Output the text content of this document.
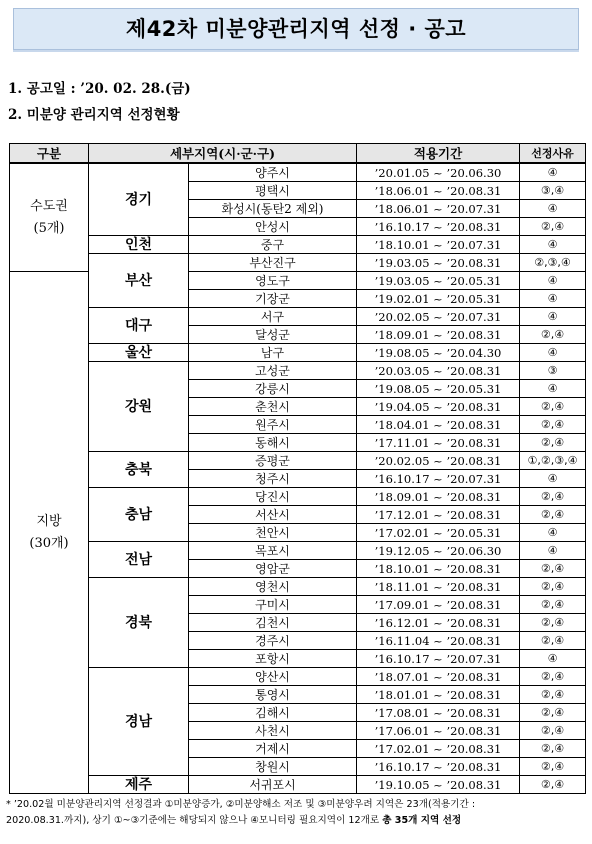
제42차 미분양관리지역 선정 · 공고
1. 공고일 : ’20. 02. 28.(금)
2. 미분양 관리지역 선정현황
구분	세부지역(시·군·구)		적용기간	선정사유
수도권
(5개)	경기	양주시	’20.01.05 ~ ’20.06.30	④
		평택시	’18.06.01 ~ ’20.08.31	③,④
		화성시(동탄2 제외)	’18.06.01 ~ ’20.07.31	④
		안성시	’16.10.17 ~ ’20.08.31	②,④
	인천	중구	’18.10.01 ~ ’20.07.31	④
	부산	부산진구	’19.03.05 ~ ’20.08.31	②,③,④
지방
(30개)		영도구	’19.03.05 ~ ’20.05.31	④
		기장군	’19.02.01 ~ ’20.05.31	④
	대구	서구	’20.02.05 ~ ’20.07.31	④
		달성군	’18.09.01 ~ ’20.08.31	②,④
	울산	남구	’19.08.05 ~ ’20.04.30	④
	강원	고성군	’20.03.05 ~ ’20.08.31	③
		강릉시	’19.08.05 ~ ’20.05.31	④
		춘천시	’19.04.05 ~ ’20.08.31	②,④
		원주시	’18.04.01 ~ ’20.08.31	②,④
		동해시	’17.11.01 ~ ’20.08.31	②,④
	충북	증평군	’20.02.05 ~ ’20.08.31	①,②,③,④
		청주시	’16.10.17 ~ ’20.07.31	④
	충남	당진시	’18.09.01 ~ ’20.08.31	②,④
		서산시	’17.12.01 ~ ’20.08.31	②,④
		천안시	’17.02.01 ~ ’20.05.31	④
	전남	목포시	’19.12.05 ~ ’20.06.30	④
		영암군	’18.10.01 ~ ’20.08.31	②,④
	경북	영천시	’18.11.01 ~ ’20.08.31	②,④
		구미시	’17.09.01 ~ ’20.08.31	②,④
		김천시	’16.12.01 ~ ’20.08.31	②,④
		경주시	’16.11.04 ~ ’20.08.31	②,④
		포항시	’16.10.17 ~ ’20.07.31	④
	경남	양산시	’18.07.01 ~ ’20.08.31	②,④
		통영시	’18.01.01 ~ ’20.08.31	②,④
		김해시	’17.08.01 ~ ’20.08.31	②,④
		사천시	’17.06.01 ~ ’20.08.31	②,④
		거제시	’17.02.01 ~ ’20.08.31	②,④
		창원시	’16.10.17 ~ ’20.08.31	②,④
	제주	서귀포시	’19.10.05 ~ ’20.08.31	②,④
* ’20.02월 미분양관리지역 선정결과 ①미분양증가, ②미분양해소 저조 및 ③미분양우려 지역은 23개(적용기간 :
2020.08.31.까지), 상기 ①~③기준에는 해당되지 않으나 ④모니터링 필요지역이 12개로 총 35개 지역 선정
